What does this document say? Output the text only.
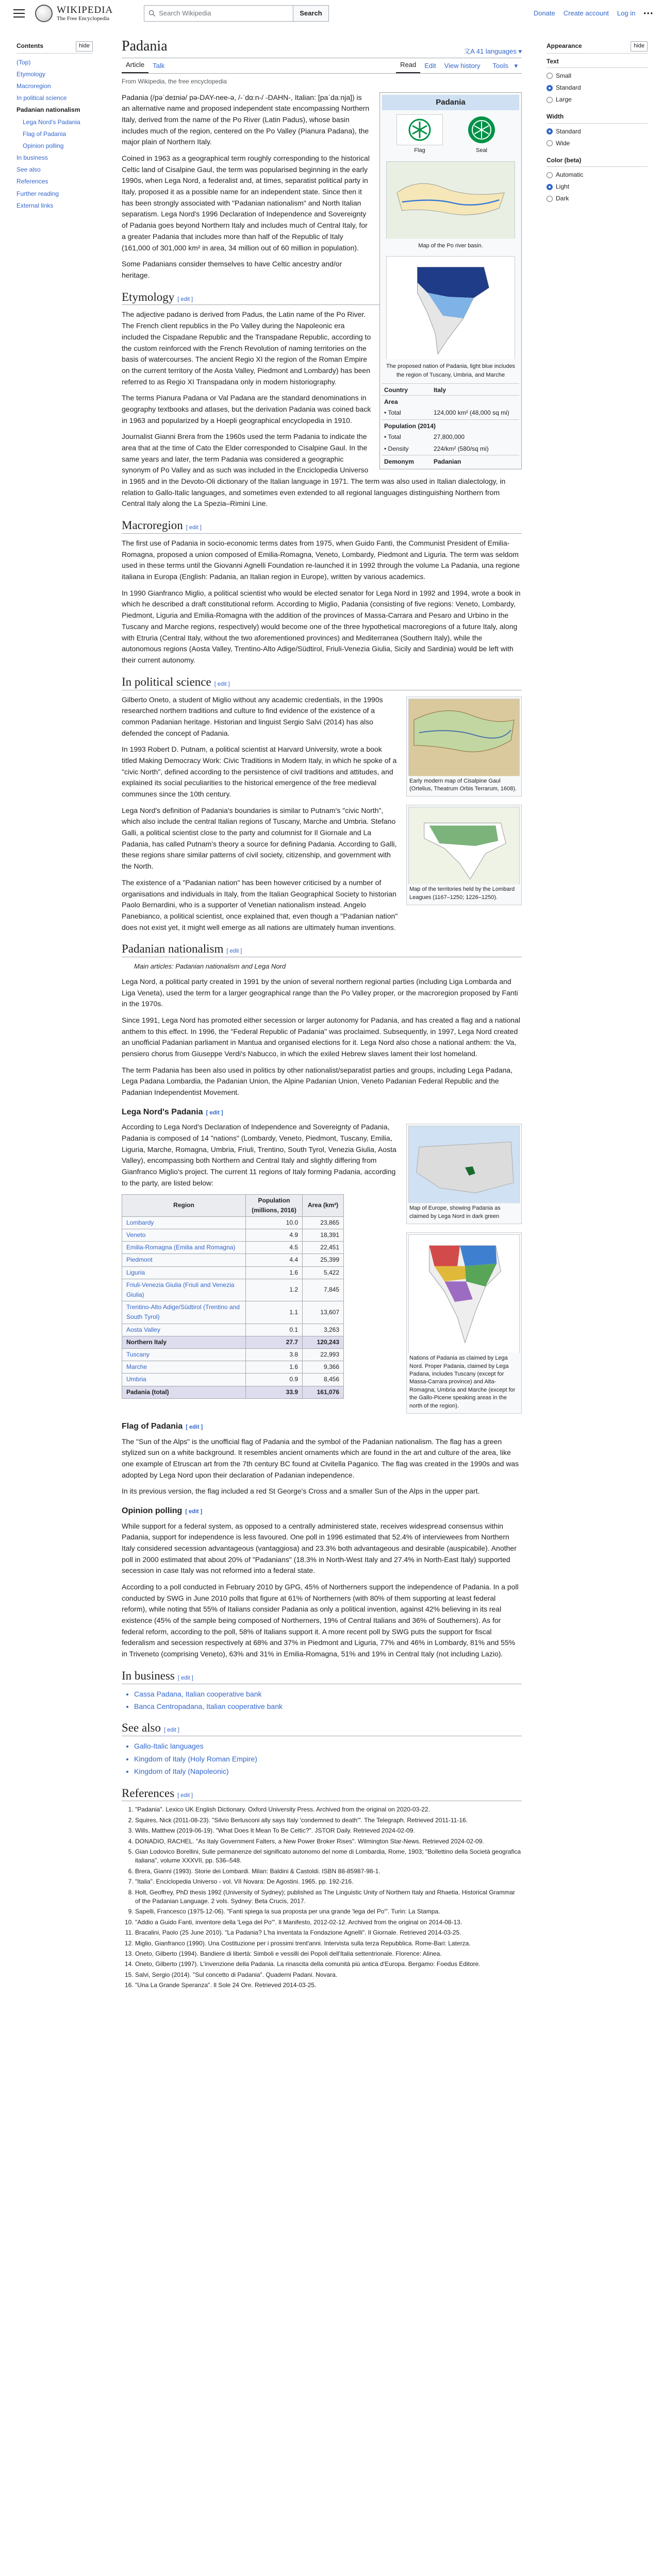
WIKIPEDIA
The Free Encyclopedia
Search Wikipedia	Search	Donate Create account Log in •••
Contents	hide
(Top)
Etymology
Macroregion
In political science
Padanian nationalism
Lega Nord's Padania
Flag of Padania
Opinion polling
In business
See also
References
Further reading
External links
Padania	文A 41 languages ▾
Article	Talk	Read	Edit	View history	Tools ▾
From Wikipedia, the free encyclopedia
Padania
Flag	Seal
Map of the Po river basin.
The proposed nation of Padania, light blue includes the region of Tuscany, Umbria, and Marche
Country	Italy
Area
• Total	124,000 km² (48,000 sq mi)
Population (2014)
• Total	27,800,000
• Density	224/km² (580/sq mi)
Demonym	Padanian

Padania (/pəˈdeɪniə/ pə-DAY-nee-ə, /-ˈdɑːn-/ -DAHN-, Italian: [paˈdaːnja]) is an alternative name and proposed independent state encompassing Northern Italy, derived from the name of the Po River (Latin Padus), whose basin includes much of the region, centered on the Po Valley (Pianura Padana), the major plain of Northern Italy.

Coined in 1963 as a geographical term roughly corresponding to the historical Celtic land of Cisalpine Gaul, the term was popularised beginning in the early 1990s, when Lega Nord, a federalist and, at times, separatist political party in Italy, proposed it as a possible name for an independent state. Since then it has been strongly associated with "Padanian nationalism" and North Italian separatism. Lega Nord's 1996 Declaration of Independence and Sovereignty of Padania goes beyond Northern Italy and includes much of Central Italy, for a greater Padania that includes more than half of the Republic of Italy (161,000 of 301,000 km² in area, 34 million out of 60 million in population).

Some Padanians consider themselves to have Celtic ancestry and/or heritage.

Etymology [ edit ]

The adjective padano is derived from Padus, the Latin name of the Po River. The French client republics in the Po Valley during the Napoleonic era included the Cispadane Republic and the Transpadane Republic, according to the custom reinforced with the French Revolution of naming territories on the basis of watercourses. The ancient Regio XI the region of the Roman Empire on the current territory of the Aosta Valley, Piedmont and Lombardy) has been referred to as Regio XI Transpadana only in modern historiography.

The terms Pianura Padana or Val Padana are the standard denominations in geography textbooks and atlases, but the derivation Padania was coined back in 1963 and popularized by a Hoepli geographical encyclopedia in 1910.

Journalist Gianni Brera from the 1960s used the term Padania to indicate the area that at the time of Cato the Elder corresponded to Cisalpine Gaul. In the same years and later, the term Padania was considered a geographic synonym of Po Valley and as such was included in the Enciclopedia Universo in 1965 and in the Devoto-Oli dictionary of the Italian language in 1971. The term was also used in Italian dialectology, in relation to Gallo-Italic languages, and sometimes even extended to all regional languages distinguishing Northern from Central Italy along the La Spezia–Rimini Line.

Macroregion [ edit ]

The first use of Padania in socio-economic terms dates from 1975, when Guido Fanti, the Communist President of Emilia-Romagna, proposed a union composed of Emilia-Romagna, Veneto, Lombardy, Piedmont and Liguria. The term was seldom used in these terms until the Giovanni Agnelli Foundation re-launched it in 1992 through the volume La Padania, una regione italiana in Europa (English: Padania, an Italian region in Europe), written by various academics.

In 1990 Gianfranco Miglio, a political scientist who would be elected senator for Lega Nord in 1992 and 1994, wrote a book in which he described a draft constitutional reform. According to Miglio, Padania (consisting of five regions: Veneto, Lombardy, Piedmont, Liguria and Emilia-Romagna with the addition of the provinces of Massa-Carrara and Pesaro and Urbino in the Tuscany and Marche regions, respectively) would become one of the three hypothetical macroregions of a future Italy, along with Etruria (Central Italy, without the two aforementioned provinces) and Mediterranea (Southern Italy), while the autonomous regions (Aosta Valley, Trentino-Alto Adige/Südtirol, Friuli-Venezia Giulia, Sicily and Sardinia) would be left with their current autonomy.

In political science [ edit ]
Early modern map of Cisalpine Gaul (Ortelius, Theatrum Orbis Terrarum, 1608).
Map of the territories held by the Lombard Leagues (1167–1250; 1226–1250).

Gilberto Oneto, a student of Miglio without any academic credentials, in the 1990s researched northern traditions and culture to find evidence of the existence of a common Padanian heritage. Historian and linguist Sergio Salvi (2014) has also defended the concept of Padania.

In 1993 Robert D. Putnam, a political scientist at Harvard University, wrote a book titled Making Democracy Work: Civic Traditions in Modern Italy, in which he spoke of a "civic North", defined according to the persistence of civil traditions and attitudes, and explained its social peculiarities to the historical emergence of the free medieval communes since the 10th century.

Lega Nord's definition of Padania's boundaries is similar to Putnam's "civic North", which also include the central Italian regions of Tuscany, Marche and Umbria. Stefano Galli, a political scientist close to the party and columnist for Il Giornale and La Padania, has called Putnam's theory a source for defining Padania. According to Galli, these regions share similar patterns of civil society, citizenship, and government with the North.

The existence of a "Padanian nation" has been however criticised by a number of organisations and individuals in Italy, from the Italian Geographical Society to historian Paolo Bernardini, who is a supporter of Venetian nationalism instead. Angelo Panebianco, a political scientist, once explained that, even though a "Padanian nation" does not exist yet, it might well emerge as all nations are ultimately human inventions.

Padanian nationalism [ edit ]
Main articles: Padanian nationalism and Lega Nord

Lega Nord, a political party created in 1991 by the union of several northern regional parties (including Liga Lombarda and Liga Veneta), used the term for a larger geographical range than the Po Valley proper, or the macroregion proposed by Fanti in the 1970s.

Since 1991, Lega Nord has promoted either secession or larger autonomy for Padania, and has created a flag and a national anthem to this effect. In 1996, the "Federal Republic of Padania" was proclaimed. Subsequently, in 1997, Lega Nord created an unofficial Padanian parliament in Mantua and organised elections for it. Lega Nord also chose a national anthem: the Va, pensiero chorus from Giuseppe Verdi's Nabucco, in which the exiled Hebrew slaves lament their lost homeland.

The term Padania has been also used in politics by other nationalist/separatist parties and groups, including Lega Padana, Lega Padana Lombardia, the Padanian Union, the Alpine Padanian Union, Veneto Padanian Federal Republic and the Padanian Independentist Movement.

Lega Nord's Padania [ edit ]
Map of Europe, showing Padania as claimed by Lega Nord in dark green

According to Lega Nord's Declaration of Independence and Sovereignty of Padania, Padania is composed of 14 "nations" (Lombardy, Veneto, Piedmont, Tuscany, Emilia, Liguria, Marche, Romagna, Umbria, Friuli, Trentino, South Tyrol, Venezia Giulia, Aosta Valley), encompassing both Northern and Central Italy and slightly differing from Gianfranco Miglio's project. The current 11 regions of Italy forming Padania, according to the party, are listed below:

Nations of Padania as claimed by Lega Nord. Proper Padania, claimed by Lega Padana, includes Tuscany (except for Massa-Carrara province) and Alta-Romagna; Umbria and Marche (except for the Gallo-Picene speaking areas in the north of the region).
Region	Population (millions, 2016)	Area (km²)
Lombardy	10.0	23,865
Veneto	4.9	18,391
Emilia-Romagna (Emilia and Romagna)	4.5	22,451
Piedmont	4.4	25,399
Liguria	1.6	5,422
Friuli-Venezia Giulia (Friuli and Venezia Giulia)	1.2	7,845
Trentino-Alto Adige/Südtirol (Trentino and South Tyrol)	1.1	13,607
Aosta Valley	0.1	3,263
Northern Italy	27.7	120,243
Tuscany	3.8	22,993
Marche	1.6	9,366
Umbria	0.9	8,456
Padania (total)	33.9	161,076
Flag of Padania [ edit ]

The "Sun of the Alps" is the unofficial flag of Padania and the symbol of the Padanian nationalism. The flag has a green stylized sun on a white background. It resembles ancient ornaments which are found in the art and culture of the area, like one example of Etruscan art from the 7th century BC found at Civitella Paganico. The flag was created in the 1990s and was adopted by Lega Nord upon their declaration of Padanian independence.

In its previous version, the flag included a red St George's Cross and a smaller Sun of the Alps in the upper part.

Opinion polling [ edit ]

While support for a federal system, as opposed to a centrally administered state, receives widespread consensus within Padania, support for independence is less favoured. One poll in 1996 estimated that 52.4% of interviewees from Northern Italy considered secession advantageous (vantaggiosa) and 23.3% both advantageous and desirable (auspicabile). Another poll in 2000 estimated that about 20% of "Padanians" (18.3% in North-West Italy and 27.4% in North-East Italy) supported secession in case Italy was not reformed into a federal state.

According to a poll conducted in February 2010 by GPG, 45% of Northerners support the independence of Padania. In a poll conducted by SWG in June 2010 polls that figure at 61% of Northerners (with 80% of them supporting at least federal reform), while noting that 55% of Italians consider Padania as only a political invention, against 42% believing in its real existence (45% of the sample being composed of Northerners, 19% of Central Italians and 36% of Southerners). As for federal reform, according to the poll, 58% of Italians support it. A more recent poll by SWG puts the support for fiscal federalism and secession respectively at 68% and 37% in Piedmont and Liguria, 77% and 46% in Lombardy, 81% and 55% in Triveneto (comprising Veneto), 63% and 31% in Emilia-Romagna, 51% and 19% in Central Italy (not including Lazio).

In business [ edit ]
• Cassa Padana, Italian cooperative bank
• Banca Centropadana, Italian cooperative bank
See also [ edit ]
• Gallo-Italic languages
• Kingdom of Italy (Holy Roman Empire)
• Kingdom of Italy (Napoleonic)
References [ edit ]
1. "Padania". Lexico UK English Dictionary. Oxford University Press. Archived from the original on 2020-03-22.
2. Squires, Nick (2011-08-23). "Silvio Berlusconi ally says Italy 'condemned to death'". The Telegraph. Retrieved 2011-11-16.
3. Wills, Matthew (2019-06-19). "What Does It Mean To Be Celtic?". JSTOR Daily. Retrieved 2024-02-09.
4. DONADIO, RACHEL. "As Italy Government Falters, a New Power Broker Rises". Wilmington Star-News. Retrieved 2024-02-09.
5. Gian Lodovico Borellini, Sulle permanenze del significato autonomo del nome di Lombardia, Rome, 1903; "Bollettino della Società geografica italiana", volume XXXVII, pp. 536–548.
6. Brera, Gianni (1993). Storie dei Lombardi. Milan: Baldini & Castoldi. ISBN 88-85987-98-1.
7. "Italia". Enciclopedia Universo - vol. VII Novara: De Agostini. 1965. pp. 192-216.
8. Holt, Geoffrey, PhD thesis 1992 (University of Sydney); published as The Linguistic Unity of Northern Italy and Rhaetia. Historical Grammar of the Padanian Language. 2 vols. Sydney: Beta Crucis, 2017.
9. Sapelli, Francesco (1975-12-06). "Fanti spiega la sua proposta per una grande 'lega del Po'". Turin: La Stampa.
10. "Addio a Guido Fanti, inventore della 'Lega del Po'". Il Manifesto, 2012-02-12. Archived from the original on 2014-08-13.
11. Bracalini, Paolo (25 June 2010). "La Padania? L'ha inventata la Fondazione Agnelli". Il Giornale. Retrieved 2014-03-25.
12. Miglio, Gianfranco (1990). Una Costituzione per i prossimi trent'anni. Intervista sulla terza Repubblica. Rome-Bari: Laterza.
13. Oneto, Gilberto (1994). Bandiere di libertà: Simboli e vessilli dei Popoli dell'Italia settentrionale. Florence: Alinea.
14. Oneto, Gilberto (1997). L'invenzione della Padania. La rinascita della comunità più antica d'Europa. Bergamo: Foedus Editore.
15. Salvi, Sergio (2014). "Sul concetto di Padania". Quaderni Padani. Novara.
16. "Una La Grande Speranza". Il Sole 24 Ore. Retrieved 2014-03-25.
Appearance	hide
Text
Small
Standard
Large
Width
Standard
Wide
Color (beta)
Automatic
Light
Dark
